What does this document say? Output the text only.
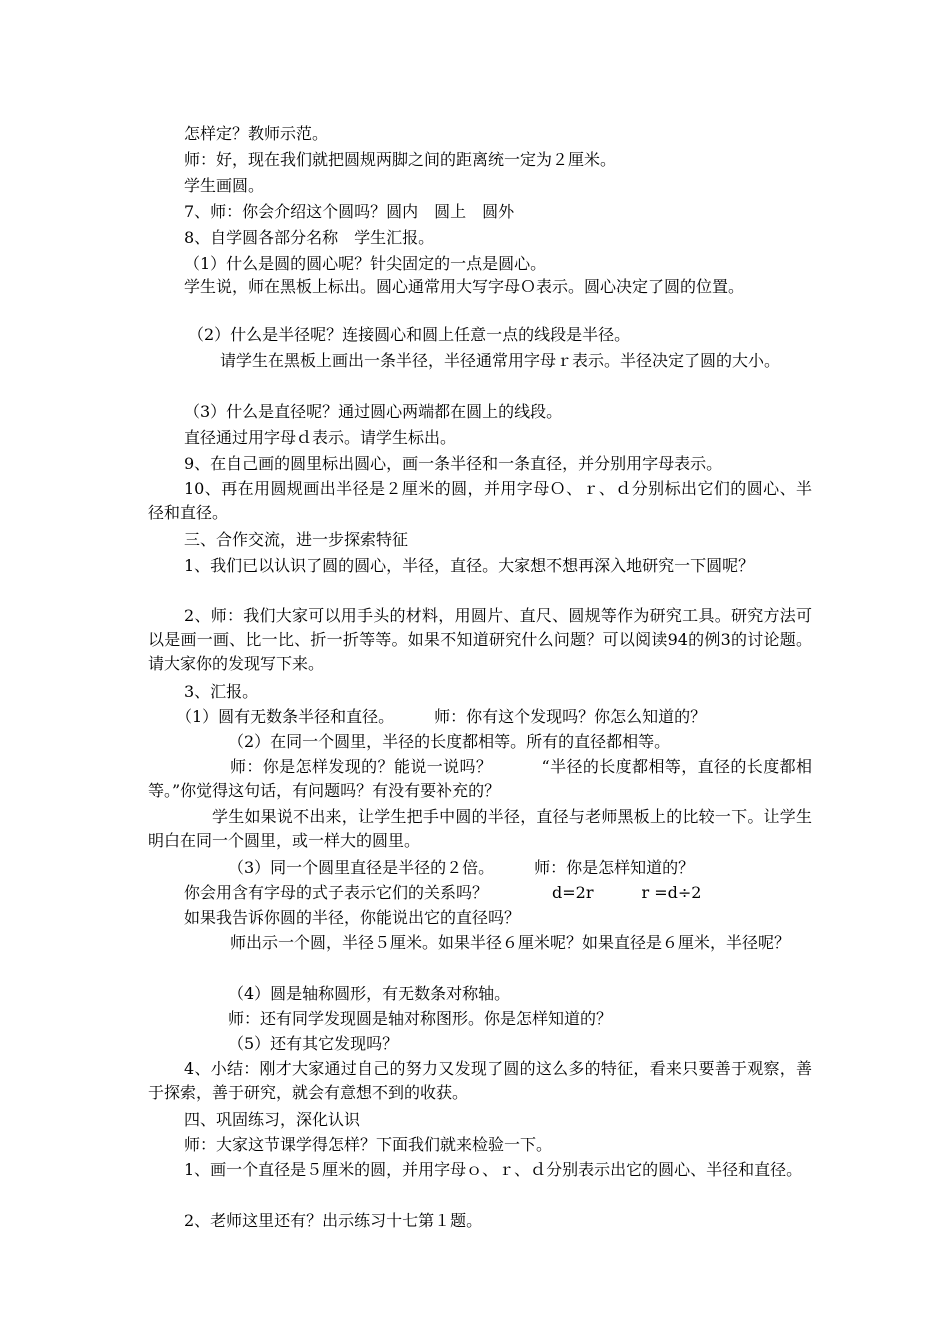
怎样定？教师示范。
师：好，现在我们就把圆规两脚之间的距离统一定为２厘米。
学生画圆。
7、师：你会介绍这个圆吗？圆内　圆上　圆外
8、自学圆各部分名称　学生汇报。
（1）什么是圆的圆心呢？针尖固定的一点是圆心。
学生说，师在黑板上标出。圆心通常用大写字母Ｏ表示。圆心决定了圆的位置。
（2）什么是半径呢？连接圆心和圆上任意一点的线段是半径。
请学生在黑板上画出一条半径，半径通常用字母ｒ表示。半径决定了圆的大小。
（3）什么是直径呢？通过圆心两端都在圆上的线段。
直径通过用字母ｄ表示。请学生标出。
9、在自己画的圆里标出圆心，画一条半径和一条直径，并分别用字母表示。
10、再在用圆规画出半径是２厘米的圆，并用字母Ｏ、ｒ、ｄ分别标出它们的圆心、半径和直径。
三、合作交流，进一步探索特征
1、我们已以认识了圆的圆心，半径，直径。大家想不想再深入地研究一下圆呢？
2、师：我们大家可以用手头的材料，用圆片、直尺、圆规等作为研究工具。研究方法可以是画一画、比一比、折一折等等。如果不知道研究什么问题？可以阅读94的例3的讨论题。请大家你的发现写下来。
3、汇报。
（1）圆有无数条半径和直径。　　　师：你有这个发现吗？你怎么知道的？
（2）在同一个圆里，半径的长度都相等。所有的直径都相等。
师：你是怎样发现的？能说一说吗？　　　“半径的长度都相等，直径的长度都相等。”你觉得这句话，有问题吗？有没有要补充的？
学生如果说不出来，让学生把手中圆的半径，直径与老师黑板上的比较一下。让学生明白在同一个圆里，或一样大的圆里。
（3）同一个圆里直径是半径的２倍。　　　师：你是怎样知道的？
你会用含有字母的式子表示它们的关系吗？　　　　d=2r　　　r =d÷2
如果我告诉你圆的半径，你能说出它的直径吗？
师出示一个圆，半径５厘米。如果半径６厘米呢？如果直径是６厘米，半径呢？
（4）圆是轴称圆形，有无数条对称轴。
师：还有同学发现圆是轴对称图形。你是怎样知道的？
（5）还有其它发现吗？
4、小结：刚才大家通过自己的努力又发现了圆的这么多的特征，看来只要善于观察，善于探索，善于研究，就会有意想不到的收获。
四、巩固练习，深化认识
师：大家这节课学得怎样？下面我们就来检验一下。
1、画一个直径是５厘米的圆，并用字母ｏ、ｒ、ｄ分别表示出它的圆心、半径和直径。
2、老师这里还有？出示练习十七第１题。
